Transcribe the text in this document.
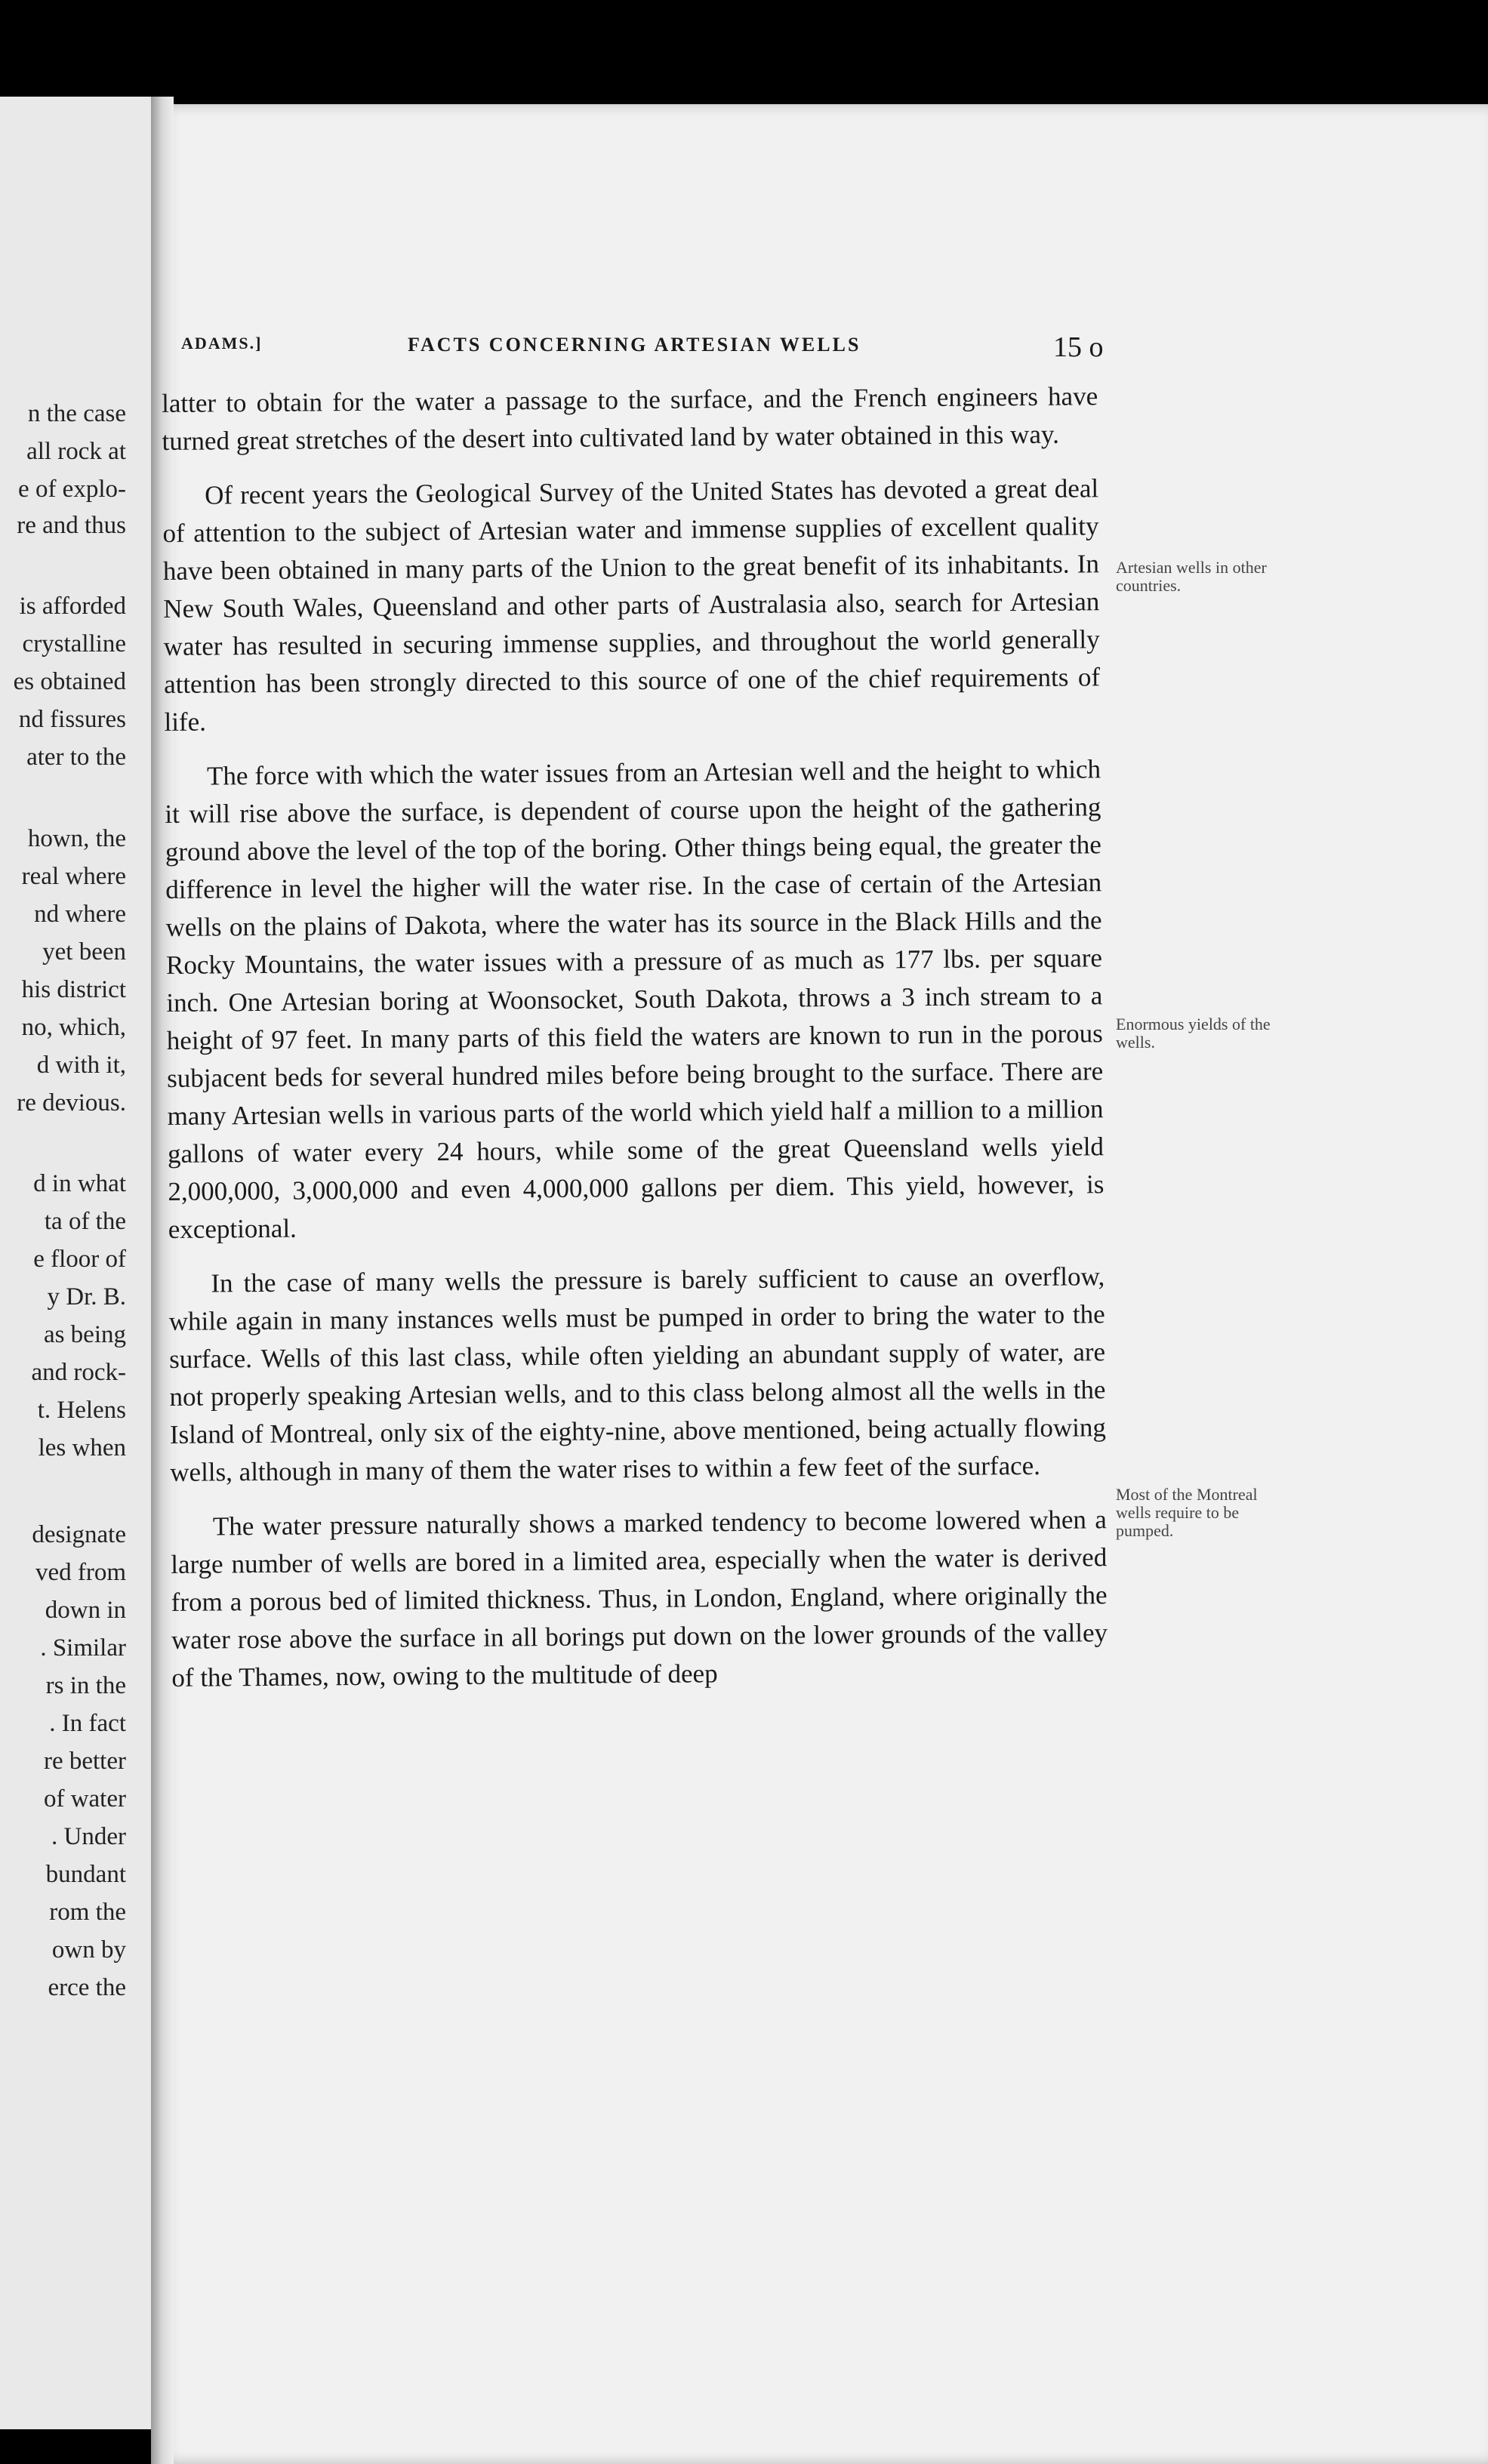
n the case
all rock at
e of explo-
re and thus
is afforded
crystalline
es obtained
nd fissures
ater to the
hown, the
real where
nd where
yet been
his district
no, which,
d with it,
re devious.
d in what
ta of the
e floor of
y Dr. B.
as being
and rock-
t. Helens
les when
designate
ved from
down in
. Similar
rs in the
. In fact
re better
of water
. Under
bundant
rom the
own by
erce the
ADAMS.]	FACTS CONCERNING ARTESIAN WELLS	15 o

latter to obtain for the water a passage to the surface, and the French engineers have turned great stretches of the desert into cultivated land by water obtained in this way.

Of recent years the Geological Survey of the United States has devoted a great deal of attention to the subject of Artesian water and immense supplies of excellent quality have been obtained in many parts of the Union to the great benefit of its inhabitants. In New South Wales, Queensland and other parts of Australasia also, search for Artesian water has resulted in securing immense supplies, and throughout the world generally attention has been strongly directed to this source of one of the chief requirements of life.

The force with which the water issues from an Artesian well and the height to which it will rise above the surface, is dependent of course upon the height of the gathering ground above the level of the top of the boring. Other things being equal, the greater the difference in level the higher will the water rise. In the case of certain of the Artesian wells on the plains of Dakota, where the water has its source in the Black Hills and the Rocky Mountains, the water issues with a pressure of as much as 177 lbs. per square inch. One Artesian boring at Woonsocket, South Dakota, throws a 3 inch stream to a height of 97 feet. In many parts of this field the waters are known to run in the porous subjacent beds for several hundred miles before being brought to the surface. There are many Artesian wells in various parts of the world which yield half a million to a million gallons of water every 24 hours, while some of the great Queensland wells yield 2,000,000, 3,000,000 and even 4,000,000 gallons per diem. This yield, however, is exceptional.

In the case of many wells the pressure is barely sufficient to cause an overflow, while again in many instances wells must be pumped in order to bring the water to the surface. Wells of this last class, while often yielding an abundant supply of water, are not properly speaking Artesian wells, and to this class belong almost all the wells in the Island of Montreal, only six of the eighty-nine, above mentioned, being actually flowing wells, although in many of them the water rises to within a few feet of the surface.

The water pressure naturally shows a marked tendency to become lowered when a large number of wells are bored in a limited area, especially when the water is derived from a porous bed of limited thickness. Thus, in London, England, where originally the water rose above the surface in all borings put down on the lower grounds of the valley of the Thames, now, owing to the multitude of deep

Artesian wells in other countries.
Enormous yields of the wells.
Most of the Montreal wells require to be pumped.
